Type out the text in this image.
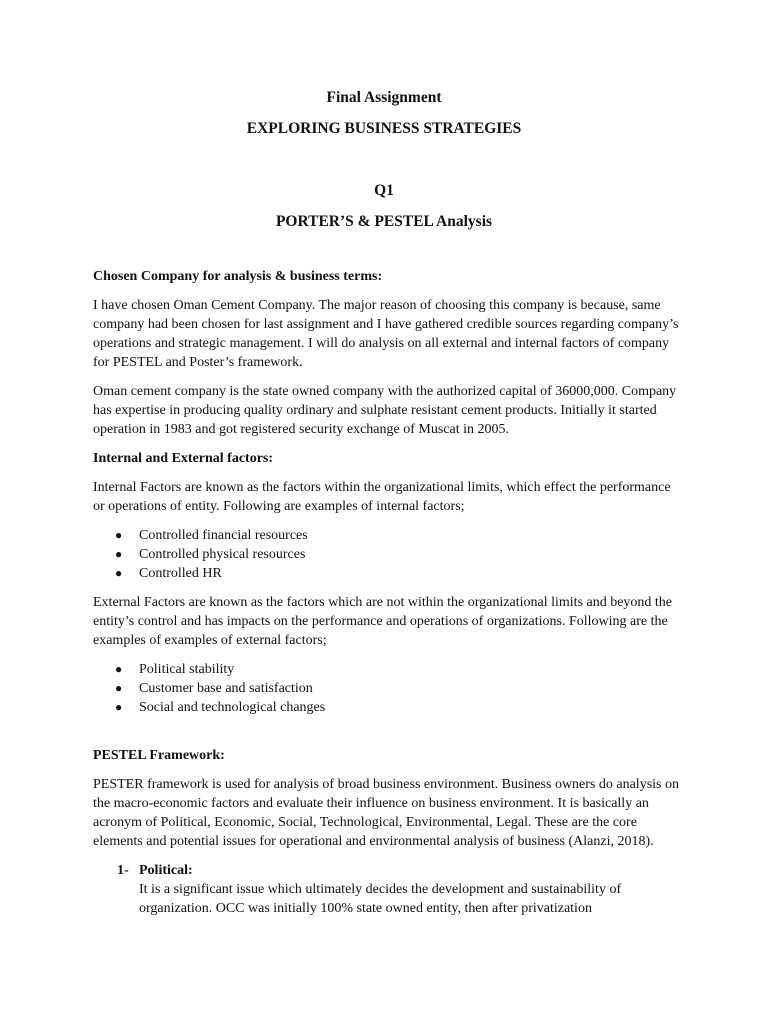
Final Assignment
EXPLORING BUSINESS STRATEGIES
Q1
PORTER’S & PESTEL Analysis
Chosen Company for analysis & business terms:

I have chosen Oman Cement Company. The major reason of choosing this company is because, same company had been chosen for last assignment and I have gathered credible sources regarding company’s operations and strategic management. I will do analysis on all external and internal factors of company for PESTEL and Poster’s framework.

Oman cement company is the state owned company with the authorized capital of 36000,000. Company has expertise in producing quality ordinary and sulphate resistant cement products. Initially it started operation in 1983 and got registered security exchange of Muscat in 2005.

Internal and External factors:

Internal Factors are known as the factors within the organizational limits, which effect the performance or operations of entity. Following are examples of internal factors;

● Controlled financial resources
● Controlled physical resources
● Controlled HR

External Factors are known as the factors which are not within the organizational limits and beyond the entity’s control and has impacts on the performance and operations of organizations. Following are the examples of examples of external factors;

● Political stability
● Customer base and satisfaction
● Social and technological changes
PESTEL Framework:

PESTER framework is used for analysis of broad business environment. Business owners do analysis on the macro-economic factors and evaluate their influence on business environment. It is basically an acronym of Political, Economic, Social, Technological, Environmental, Legal. These are the core elements and potential issues for operational and environmental analysis of business (Alanzi, 2018).

1- Political:
It is a significant issue which ultimately decides the development and sustainability of organization. OCC was initially 100% state owned entity, then after privatization
